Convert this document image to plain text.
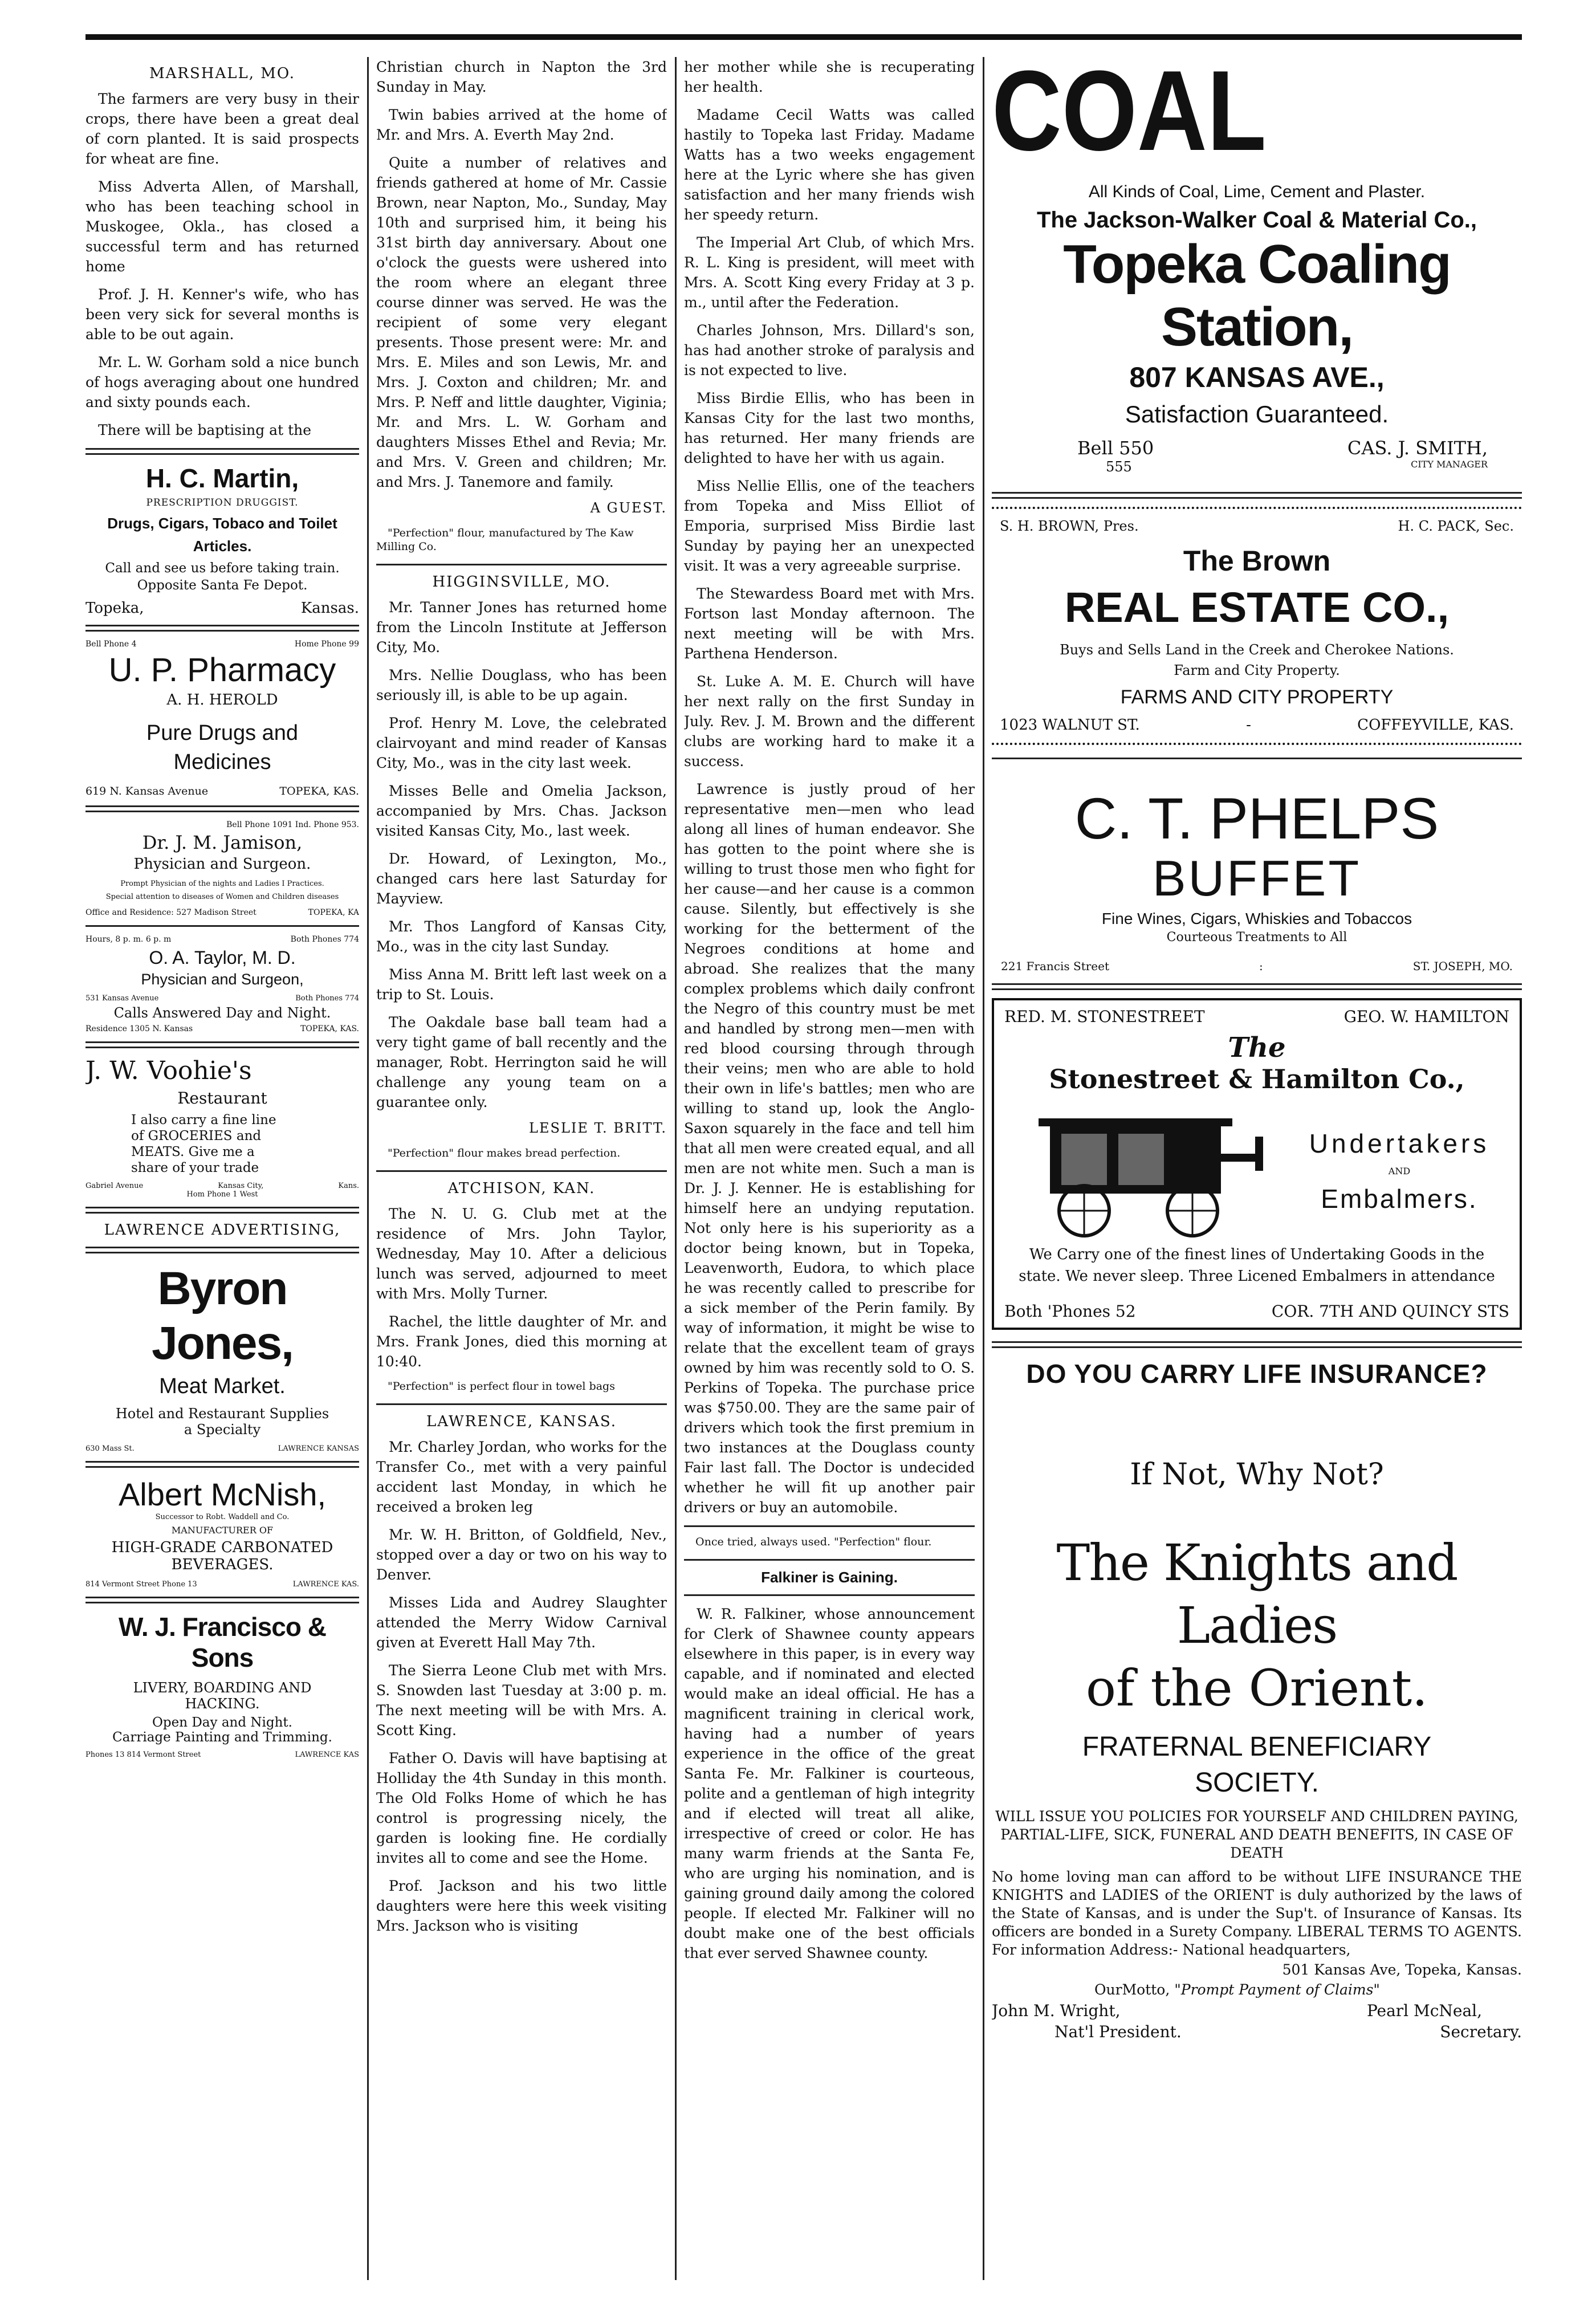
MARSHALL, MO.

The farmers are very busy in their crops, there have been a great deal of corn planted. It is said prospects for wheat are fine.

Miss Adverta Allen, of Marshall, who has been teaching school in Muskogee, Okla., has closed a successful term and has returned home

Prof. J. H. Kenner's wife, who has been very sick for several months is able to be out again.

Mr. L. W. Gorham sold a nice bunch of hogs averaging about one hundred and sixty pounds each.

There will be baptising at the

H. C. Martin,
PRESCRIPTION DRUGGIST.
Drugs, Cigars, Tobaco and Toilet Articles.
Call and see us before taking train.
Opposite Santa Fe Depot.
Topeka,	Kansas.
Bell Phone 4	Home Phone 99
U. P. Pharmacy
A. H. HEROLD
Pure Drugs and
Medicines
619 N. Kansas Avenue	TOPEKA, KAS.
Bell Phone 1091 Ind. Phone 953.
Dr. J. M. Jamison,
Physician and Surgeon.
Prompt Physician of the nights and Ladies I Practices.
Special attention to diseases of Women and Children diseases
Office and Residence: 527 Madison Street	TOPEKA, KA
Hours, 8 p. m. 6 p. m	Both Phones 774
O. A. Taylor, M. D.
Physician and Surgeon,
531 Kansas Avenue	Both Phones 774
Calls Answered Day and Night.
Residence 1305 N. Kansas	TOPEKA, KAS.
J. W. Voohie's
Restaurant
I also carry a fine line
of GROCERIES and
MEATS. Give me a
share of your trade
Gabriel Avenue	Kansas City,	Kans.
Hom Phone 1 West
LAWRENCE ADVERTISING,
Byron Jones,
Meat Market.
Hotel and Restaurant Supplies
a Specialty
630 Mass St.	LAWRENCE KANSAS
Albert McNish,
Successor to Robt. Waddell and Co.
MANUFACTURER OF
HIGH-GRADE CARBONATED
BEVERAGES.
814 Vermont Street Phone 13	LAWRENCE KAS.
W. J. Francisco & Sons
LIVERY, BOARDING AND
HACKING.
Open Day and Night.
Carriage Painting and Trimming.
Phones 13 814 Vermont Street	LAWRENCE KAS

Christian church in Napton the 3rd Sunday in May.

Twin babies arrived at the home of Mr. and Mrs. A. Everth May 2nd.

Quite a number of relatives and friends gathered at home of Mr. Cassie Brown, near Napton, Mo., Sunday, May 10th and surprised him, it being his 31st birth day anniversary. About one o'clock the guests were ushered into the room where an elegant three course dinner was served. He was the recipient of some very elegant presents. Those present were: Mr. and Mrs. E. Miles and son Lewis, Mr. and Mrs. J. Coxton and children; Mr. and Mrs. P. Neff and little daughter, Viginia; Mr. and Mrs. L. W. Gorham and daughters Misses Ethel and Revia; Mr. and Mrs. V. Green and children; Mr. and Mrs. J. Tanemore and family.

A GUEST.

"Perfection" flour, manufactured by The Kaw Milling Co.

HIGGINSVILLE, MO.

Mr. Tanner Jones has returned home from the Lincoln Institute at Jefferson City, Mo.

Mrs. Nellie Douglass, who has been seriously ill, is able to be up again.

Prof. Henry M. Love, the celebrated clairvoyant and mind reader of Kansas City, Mo., was in the city last week.

Misses Belle and Omelia Jackson, accompanied by Mrs. Chas. Jackson visited Kansas City, Mo., last week.

Dr. Howard, of Lexington, Mo., changed cars here last Saturday for Mayview.

Mr. Thos Langford of Kansas City, Mo., was in the city last Sunday.

Miss Anna M. Britt left last week on a trip to St. Louis.

The Oakdale base ball team had a very tight game of ball recently and the manager, Robt. Herrington said he will challenge any young team on a guarantee only.

LESLIE T. BRITT.

"Perfection" flour makes bread perfection.

ATCHISON, KAN.

The N. U. G. Club met at the residence of Mrs. John Taylor, Wednesday, May 10. After a delicious lunch was served, adjourned to meet with Mrs. Molly Turner.

Rachel, the little daughter of Mr. and Mrs. Frank Jones, died this morning at 10:40.

"Perfection" is perfect flour in towel bags

LAWRENCE, KANSAS.

Mr. Charley Jordan, who works for the Transfer Co., met with a very painful accident last Monday, in which he received a broken leg

Mr. W. H. Britton, of Goldfield, Nev., stopped over a day or two on his way to Denver.

Misses Lida and Audrey Slaughter attended the Merry Widow Carnival given at Everett Hall May 7th.

The Sierra Leone Club met with Mrs. S. Snowden last Tuesday at 3:00 p. m. The next meeting will be with Mrs. A. Scott King.

Father O. Davis will have baptising at Holliday the 4th Sunday in this month. The Old Folks Home of which he has control is progressing nicely, the garden is looking fine. He cordially invites all to come and see the Home.

Prof. Jackson and his two little daughters were here this week visiting Mrs. Jackson who is visiting

her mother while she is recuperating her health.

Madame Cecil Watts was called hastily to Topeka last Friday. Madame Watts has a two weeks engagement here at the Lyric where she has given satisfaction and her many friends wish her speedy return.

The Imperial Art Club, of which Mrs. R. L. King is president, will meet with Mrs. A. Scott King every Friday at 3 p. m., until after the Federation.

Charles Johnson, Mrs. Dillard's son, has had another stroke of paralysis and is not expected to live.

Miss Birdie Ellis, who has been in Kansas City for the last two months, has returned. Her many friends are delighted to have her with us again.

Miss Nellie Ellis, one of the teachers from Topeka and Miss Elliot of Emporia, surprised Miss Birdie last Sunday by paying her an unexpected visit. It was a very agreeable surprise.

The Stewardess Board met with Mrs. Fortson last Monday afternoon. The next meeting will be with Mrs. Parthena Henderson.

St. Luke A. M. E. Church will have her next rally on the first Sunday in July. Rev. J. M. Brown and the different clubs are working hard to make it a success.

Lawrence is justly proud of her representative men—men who lead along all lines of human endeavor. She has gotten to the point where she is willing to trust those men who fight for her cause—and her cause is a common cause. Silently, but effectively is she working for the betterment of the Negroes conditions at home and abroad. She realizes that the many complex problems which daily confront the Negro of this country must be met and handled by strong men—men with red blood coursing through through their veins; men who are able to hold their own in life's battles; men who are willing to stand up, look the Anglo-Saxon squarely in the face and tell him that all men were created equal, and all men are not white men. Such a man is Dr. J. J. Kenner. He is establishing for himself here an undying reputation. Not only here is his superiority as a doctor being known, but in Topeka, Leavenworth, Eudora, to which place he was recently called to prescribe for a sick member of the Perin family. By way of information, it might be wise to relate that the excellent team of grays owned by him was recently sold to O. S. Perkins of Topeka. The purchase price was $750.00. They are the same pair of drivers which took the first premium in two instances at the Douglass county Fair last fall. The Doctor is undecided whether he will fit up another pair drivers or buy an automobile.

Once tried, always used. "Perfection" flour.

Falkiner is Gaining.

W. R. Falkiner, whose announcement for Clerk of Shawnee county appears elsewhere in this paper, is in every way capable, and if nominated and elected would make an ideal official. He has a magnificent training in clerical work, having had a number of years experience in the office of the great Santa Fe. Mr. Falkiner is courteous, polite and a gentleman of high integrity and if elected will treat all alike, irrespective of creed or color. He has many warm friends at the Santa Fe, who are urging his nomination, and is gaining ground daily among the colored people. If elected Mr. Falkiner will no doubt make one of the best officials that ever served Shawnee county.

COAL
All Kinds of Coal, Lime, Cement and Plaster.
The Jackson-Walker Coal & Material Co.,
Topeka Coaling Station,
807 KANSAS AVE.,
Satisfaction Guaranteed.
Bell 550	CAS. J. SMITH,
555	CITY MANAGER
S. H. BROWN, Pres.	H. C. PACK, Sec.
The Brown
REAL ESTATE CO.,
Buys and Sells Land in the Creek and Cherokee Nations.
Farm and City Property.
FARMS AND CITY PROPERTY
1023 WALNUT ST.	-	COFFEYVILLE, KAS.
C. T. PHELPS
BUFFET
Fine Wines, Cigars, Whiskies and Tobaccos
Courteous Treatments to All
221 Francis Street	:	ST. JOSEPH, MO.
RED. M. STONESTREET	GEO. W. HAMILTON
The
Stonestreet & Hamilton Co.,
Undertakers
AND
Embalmers.
We Carry one of the finest lines of Undertaking Goods in the state. We never sleep. Three Licened Embalmers in attendance
Both 'Phones 52	COR. 7TH AND QUINCY STS
DO YOU CARRY LIFE INSURANCE?
If Not, Why Not?
The Knights and Ladies
of the Orient.
FRATERNAL BENEFICIARY
SOCIETY.
WILL ISSUE YOU POLICIES FOR YOURSELF AND CHILDREN PAYING, PARTIAL-LIFE, SICK, FUNERAL AND DEATH BENEFITS, IN CASE OF DEATH
No home loving man can afford to be without LIFE INSURANCE THE KNIGHTS and LADIES of the ORIENT is duly authorized by the laws of the State of Kansas, and is under the Sup't. of Insurance of Kansas. Its officers are bonded in a Surety Company. LIBERAL TERMS TO AGENTS. For information Address:- National headquarters,
501 Kansas Ave, Topeka, Kansas.
OurMotto, "Prompt Payment of Claims"
John M. Wright,	Pearl McNeal,
Nat'l President.	Secretary.
